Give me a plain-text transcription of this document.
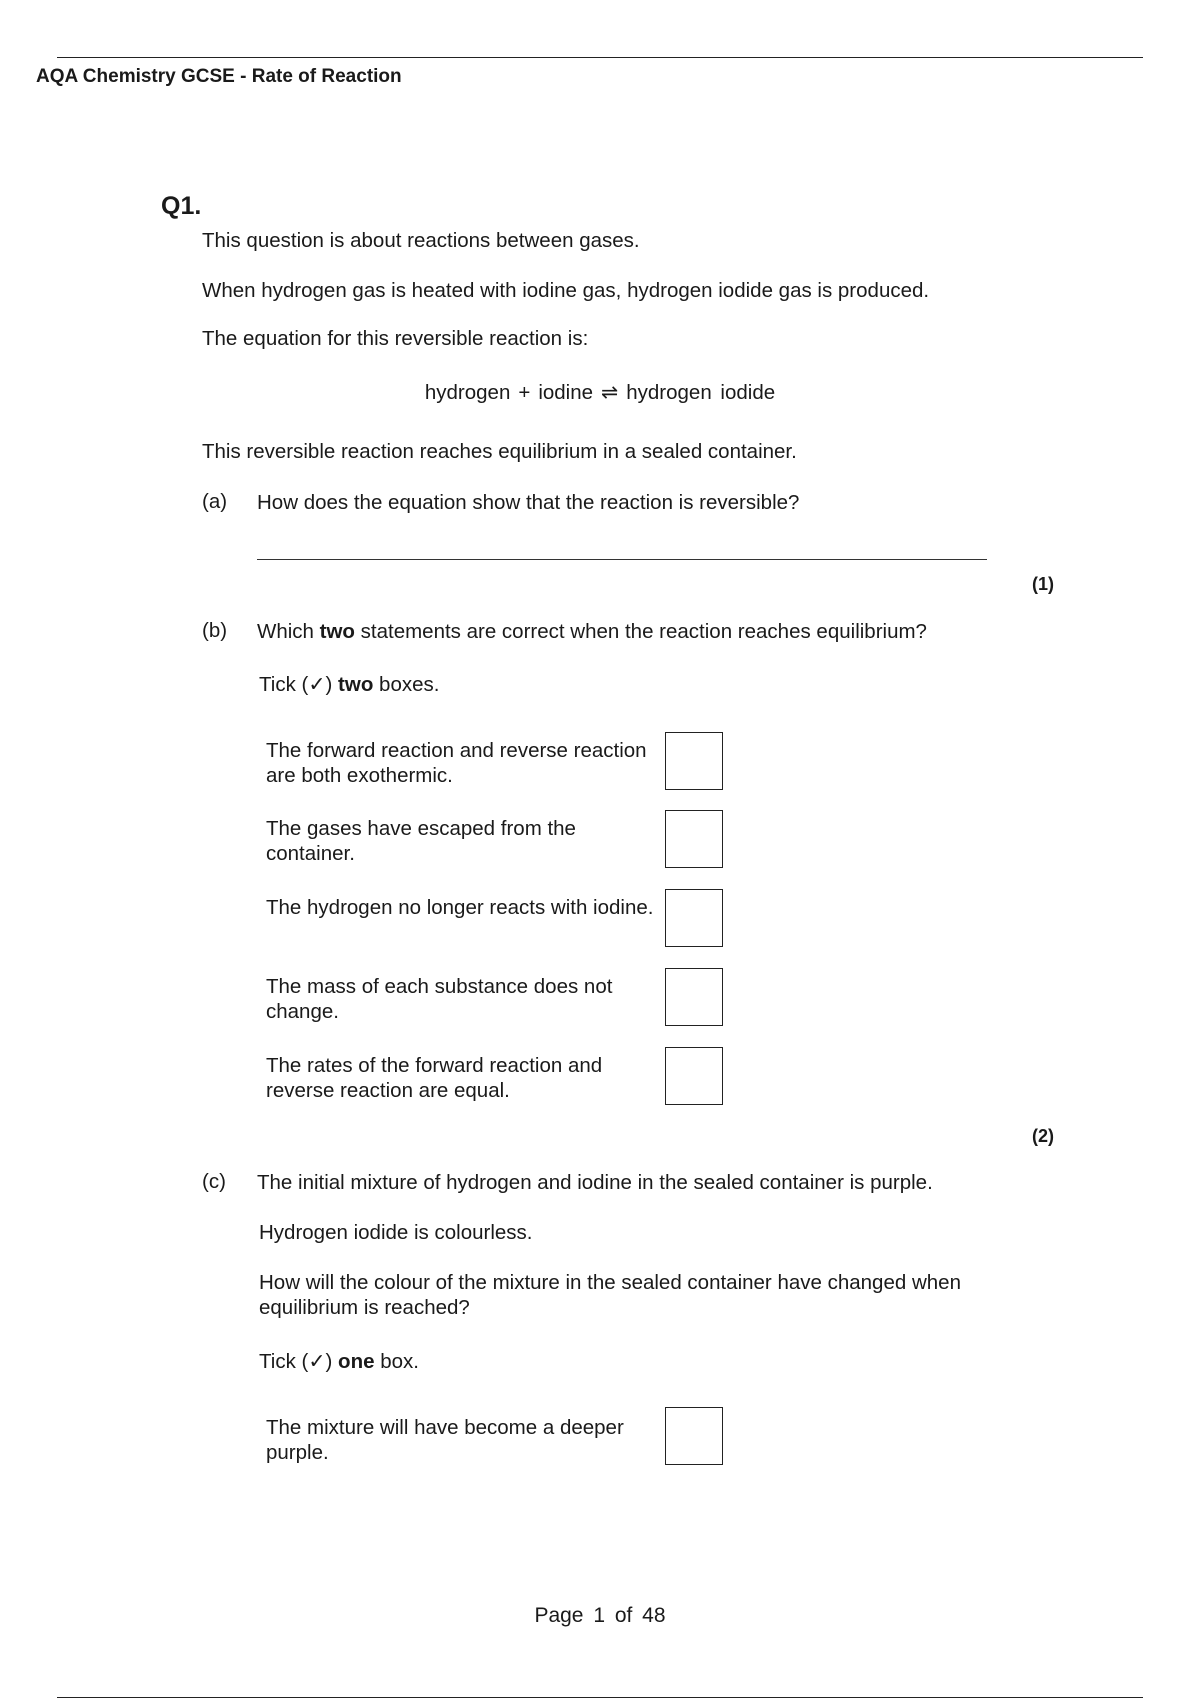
AQA Chemistry GCSE - Rate of Reaction
Q1.
This question is about reactions between gases.
When hydrogen gas is heated with iodine gas, hydrogen iodide gas is produced.
The equation for this reversible reaction is:
hydrogen + iodine ⇌ hydrogen iodide
This reversible reaction reaches equilibrium in a sealed container.
(a) How does the equation show that the reaction is reversible?
(1)
(b) Which two statements are correct when the reaction reaches equilibrium?
Tick (✓) two boxes.
The forward reaction and reverse reaction are both exothermic.
The gases have escaped from the container.
The hydrogen no longer reacts with iodine.
The mass of each substance does not change.
The rates of the forward reaction and reverse reaction are equal.
(2)
(c) The initial mixture of hydrogen and iodine in the sealed container is purple.
Hydrogen iodide is colourless.
How will the colour of the mixture in the sealed container have changed when equilibrium is reached?
Tick (✓) one box.
The mixture will have become a deeper purple.
Page 1 of 48
